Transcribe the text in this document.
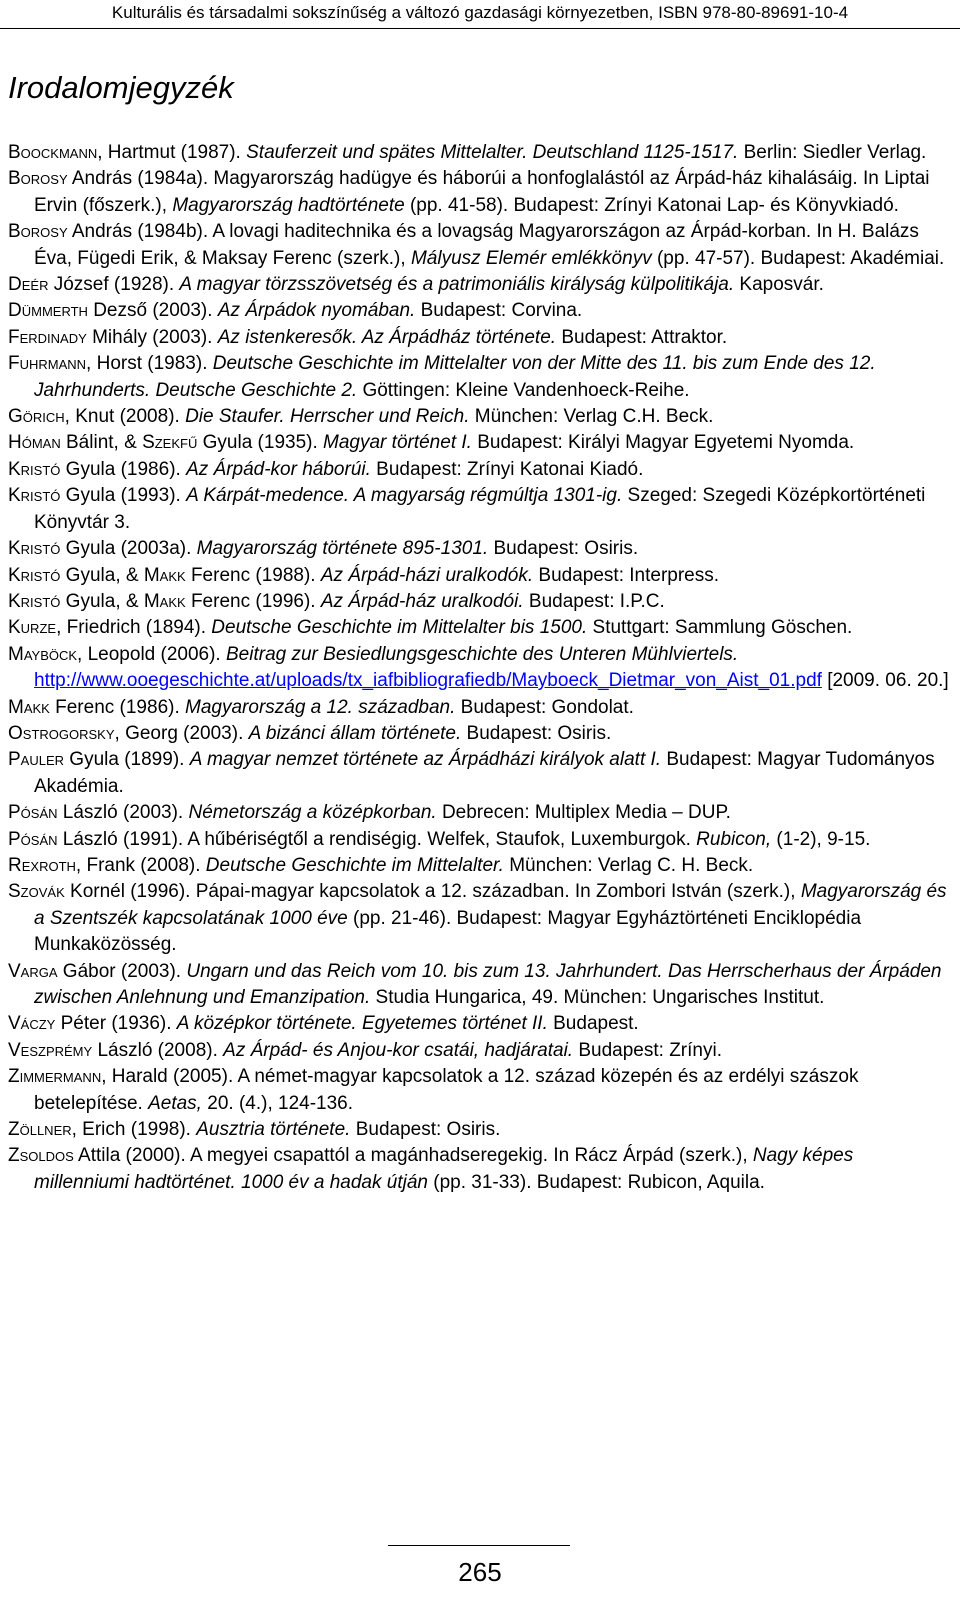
Kulturális és társadalmi sokszínűség a változó gazdasági környezetben, ISBN 978-80-89691-10-4
Irodalomjegyzék
Boockmann, Hartmut (1987). Stauferzeit und spätes Mittelalter. Deutschland 1125-1517. Berlin: Siedler Verlag.
Borosy András (1984a). Magyarország hadügye és háborúi a honfoglalástól az Árpád-ház kihalásáig. In Liptai Ervin (főszerk.), Magyarország hadtörténete (pp. 41-58). Budapest: Zrínyi Katonai Lap- és Könyvkiadó.
Borosy András (1984b). A lovagi haditechnika és a lovagság Magyarországon az Árpád-korban. In H. Balázs Éva, Fügedi Erik, & Maksay Ferenc (szerk.), Mályusz Elemér emlékkönyv (pp. 47-57). Budapest: Akadémiai.
Deér József (1928). A magyar törzsszövetség és a patrimoniális királyság külpolitikája. Kaposvár.
Dümmerth Dezső (2003). Az Árpádok nyomában. Budapest: Corvina.
Ferdinady Mihály (2003). Az istenkeresők. Az Árpádház története. Budapest: Attraktor.
Fuhrmann, Horst (1983). Deutsche Geschichte im Mittelalter von der Mitte des 11. bis zum Ende des 12. Jahrhunderts. Deutsche Geschichte 2. Göttingen: Kleine Vandenhoeck-Reihe.
Görich, Knut (2008). Die Staufer. Herrscher und Reich. München: Verlag C.H. Beck.
Hóman Bálint, & Szekfű Gyula (1935). Magyar történet I. Budapest: Királyi Magyar Egyetemi Nyomda.
Kristó Gyula (1986). Az Árpád-kor háborúi. Budapest: Zrínyi Katonai Kiadó.
Kristó Gyula (1993). A Kárpát-medence. A magyarság régmúltja 1301-ig. Szeged: Szegedi Középkortörténeti Könyvtár 3.
Kristó Gyula (2003a). Magyarország története 895-1301. Budapest: Osiris.
Kristó Gyula, & Makk Ferenc (1988). Az Árpád-házi uralkodók. Budapest: Interpress.
Kristó Gyula, & Makk Ferenc (1996). Az Árpád-ház uralkodói. Budapest: I.P.C.
Kurze, Friedrich (1894). Deutsche Geschichte im Mittelalter bis 1500. Stuttgart: Sammlung Göschen.
Mayböck, Leopold (2006). Beitrag zur Besiedlungsgeschichte des Unteren Mühlviertels. http://www.ooegeschichte.at/uploads/tx_iafbibliografiedb/Mayboeck_Dietmar_von_Aist_01.pdf [2009. 06. 20.]
Makk Ferenc (1986). Magyarország a 12. században. Budapest: Gondolat.
Ostrogorsky, Georg (2003). A bizánci állam története. Budapest: Osiris.
Pauler Gyula (1899). A magyar nemzet története az Árpádházi királyok alatt I. Budapest: Magyar Tudományos Akadémia.
Pósán László (2003). Németország a középkorban. Debrecen: Multiplex Media – DUP.
Pósán László (1991). A hűbériségtől a rendiségig. Welfek, Staufok, Luxemburgok. Rubicon, (1-2), 9-15.
Rexroth, Frank (2008). Deutsche Geschichte im Mittelalter. München: Verlag C. H. Beck.
Szovák Kornél (1996). Pápai-magyar kapcsolatok a 12. században. In Zombori István (szerk.), Magyarország és a Szentszék kapcsolatának 1000 éve (pp. 21-46). Budapest: Magyar Egyháztörténeti Enciklopédia Munkaközösség.
Varga Gábor (2003). Ungarn und das Reich vom 10. bis zum 13. Jahrhundert. Das Herrscherhaus der Árpáden zwischen Anlehnung und Emanzipation. Studia Hungarica, 49. München: Ungarisches Institut.
Váczy Péter (1936). A középkor története. Egyetemes történet II. Budapest.
Veszprémy László (2008). Az Árpád- és Anjou-kor csatái, hadjáratai. Budapest: Zrínyi.
Zimmermann, Harald (2005). A német-magyar kapcsolatok a 12. század közepén és az erdélyi szászok betelepítése. Aetas, 20. (4.), 124-136.
Zöllner, Erich (1998). Ausztria története. Budapest: Osiris.
Zsoldos Attila (2000). A megyei csapattól a magánhadseregekig. In Rácz Árpád (szerk.), Nagy képes millenniumi hadtörténet. 1000 év a hadak útján (pp. 31-33). Budapest: Rubicon, Aquila.
265
